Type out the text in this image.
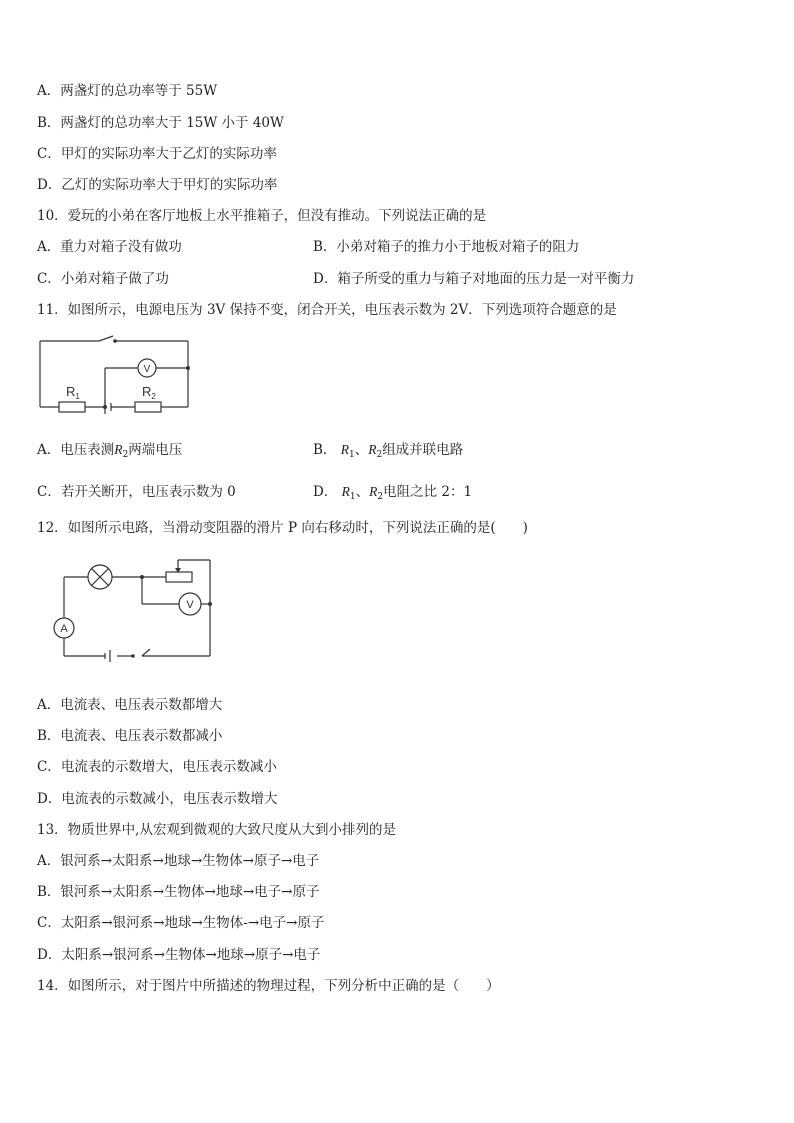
A．两盏灯的总功率等于 55W
B．两盏灯的总功率大于 15W 小于 40W
C．甲灯的实际功率大于乙灯的实际功率
D．乙灯的实际功率大于甲灯的实际功率
10．爱玩的小弟在客厅地板上水平推箱子，但没有推动。下列说法正确的是
A．重力对箱子没有做功	B．小弟对箱子的推力小于地板对箱子的阻力
C．小弟对箱子做了功	D．箱子所受的重力与箱子对地面的压力是一对平衡力
11．如图所示，电源电压为 3V 保持不变，闭合开关，电压表示数为 2V．下列选项符合题意的是
V
$R_1$	$R_2$
A．电压表测$R_2$两端电压	B． $R_1$、$R_2$组成并联电路
C．若开关断开，电压表示数为 0	D． $R_1$、$R_2$电阻之比 2：1
12．如图所示电路，当滑动变阻器的滑片 P 向右移动时，下列说法正确的是(　　)
V
A
A．电流表、电压表示数都增大
B．电流表、电压表示数都减小
C．电流表的示数增大，电压表示数减小
D．电流表的示数减小，电压表示数增大
13．物质世界中,从宏观到微观的大致尺度从大到小排列的是
A．银河系→太阳系→地球→生物体→原子→电子
B．银河系→太阳系→生物体→地球→电子→原子
C．太阳系→银河系→地球→生物体-→电子→原子
D．太阳系→银河系→生物体→地球→原子→电子
14．如图所示，对于图片中所描述的物理过程，下列分析中正确的是（　　）
